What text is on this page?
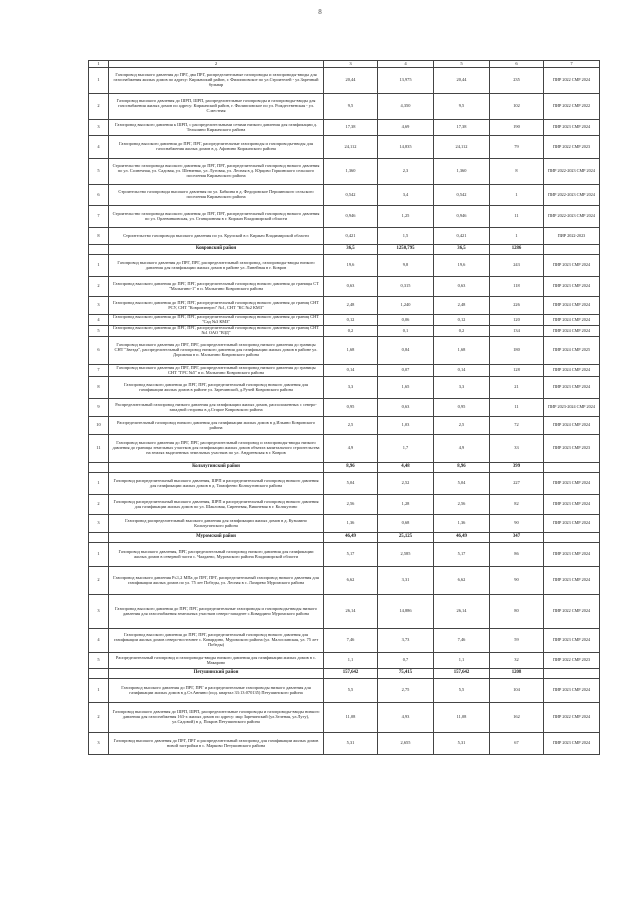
8
1	2	3	4	5	6	7
1	Газопровод высокого давления до ПРГ, два ПРГ, распределительные газопроводы и газопроводы-вводы для газоснабжения жилых домов по адресу: Киржачский район, г. Филипповское по ул.Строителей - ул.Заречный бульвар	20,44	13,975	20,44	235	ПИР 2022 СМР 2024
2	Газопровод высокого давления до ШРП, ШРП, распределительные газопроводы и газопроводы-вводы для газоснабжения жилых домов по адресу: Киржачский район, г. Филипповское по ул. Рождественская - ул. С.местная	9,5	4,350	9,5	102	ПИР 2022 СМР 2022
3	Газопровод высокого давления к ШРП, с распределительными сетями низкого давления для газификации д. Тельшино Киржачского района	17,38	4,69	17,38	190	ПИР 2023 СМР 2024
4	Газопровод высокого давления до ПРГ, ПРГ, распределительные газопроводы и газопроводы-вводы для газоснабжения жилых домов в д. Афонино Киржачского района	24,112	14,835	24,112	79	ПИР 2022 СМР 2023
5	Строительство газопровода высокого давления до ПРГ, ПРГ, распределительный газопровод низкого давления по ул. Солнечная, ул. Садовая, ул. Шевченко, ул. Луговая, ул. Лесная в д. Юрцово Горкинского сельского поселения Киржачского района	1,360	2,3	1,360	8	ПИР 2022-2023 СМР 2024
6	Строительство газопровода высокого давления по ул. Бабкина в д. Федоровское Першинского сельского поселения Киржачского района	0,542	3,4	0,542	1	ПИР 2022-2023 СМР 2024
7	Строительство газопровода высокого давления до ПРГ, ПРГ, распределительный газопровод низкого давления по ул. Орлевинковская, ул. Станционная в г. Киржач Владимирской области	0,946	1,25	0,946	11	ПИР 2022-2023 СМР 2024
8	Строительство газопровода высокого давления по ул. Крупской в г. Киржач Владимирской области	0,421	1,5	0,421	1	ПИР 2022-2023
	Ковровский район	36,5	1250,795	36,5	1286	
1	Газопровод высокого давления до ПРГ, ПРГ, распределительный газопровод, газопроводы-вводы низкого давления для газификации жилых домов в районе ул. Линейная в г. Ковров	19,6	9,8	19,6	243	ПИР 2023 СМР 2024
2	Газопровод высокого давления до ПРГ, ПРГ, распределительный газопровод низкого давления до границы СТ "Малыгино-1" в п. Малыгино Ковровского района	0,63	0,315	0,63	118	ПИР 2023 СМР 2024
3	Газопровод высокого давления до ПРГ, ПРГ, распределительный газопровод низкого давления до границ СНТ РСУ, СНТ "Ковровэнерго" №1, СНТ "КС №2 КМЗ"	2,48	1,240	2,48	226	ПИР 2024 СМР 2024
4	Газопровод высокого давления до ПРГ, ПРГ, распределительный газопровод низкого давления до границ СНТ "Сад №3 КМЗ"	0,12	0,06	0,12	120	ПИР 2024 СМР 2024
5	Газопровод высокого давления до ПРГ, ПРГ, распределительный газопровод низкого давления до границ СНТ №1 ОАО "ВЗД"	0,2	0,1	0,2	134	ПИР 2024 СМР 2024
6	Газопровод высокого давления до ПРГ, ПРГ, распределительный газопровод низкого давления до границы СНТ "Звезда", распределительный газопровод низкого давления для газификации жилых домов в районе ул. Дорожная в п. Малыгино Ковровского района	1,68	0,84	1,68	180	ПИР 2024 СМР 2025
7	Газопровод высокого давления до ПРГ, ПРГ, распределительный газопровод низкого давления до границы СНТ "ГРС №5" в п. Малыгино Ковровского района	0,14	0,07	0,14	128	ПИР 2024 СМР 2024
8	Газопровод высокого давления до ПРГ, ПРГ, распределительный газопровод низкого давления для газификации жилых домов в районе ул. Заречинской, д.Ручей Ковровского района	3,3	1,65	3,3	21	ПИР 2023 СМР 2024
9	Распределительный газопровод низкого давления для газификации жилых домов, расположенных с северо-западной стороны в д.Старое Ковровского района	0,95	0,63	0,95	11	ПИР 2023-2024 СМР 2024
10	Распределительный газопровод низкого давления для газификации жилых домов в д.Ильино Ковровского района	2,5	1,03	2,5	72	ПИР 2024 СМР 2024
11	Газопровод высокого давления до ПРГ, ПРГ, распределительный газопровод и газопроводы-вводы низкого давления до границы земельных участков для газификации жилых домов объекта капитального строительства на землях выделенных земельных участков по ул. Андреевская в г. Ковров	4,9	1,7	4,9	33	ПИР 2023 СМР 2023
	Кольчугинский район	8,96	4,48	8,96	399	
1	Газопровод распределительный высокого давления, ШРП и распределительный газопровод низкого давления для газификации жилых домов в д. Тимофеево Кольчугинского района	5,04	2,52	5,04	227	ПИР 2023 СМР 2024
2	Газопровод распределительный высокого давления, ШРП и распределительный газопровод низкого давления для газификации жилых домов по ул. Шакловая, Сиреневая, Вишневая в г. Кольчугино	2,56	1,28	2,56	82	ПИР 2023 СМР 2024
3	Газопровод распределительный высокого давления для газификации жилых домов в д. Кузьмино Кольчугинского района	1,36	0,68	1,36	90	ПИР 2023 СМР 2024
	Муромский район	46,49	25,125	46,49	347	
1	Газопровод высокого давления, ПРГ, распределительный газопровод низкого давления для газификации жилых домов в северной части с. Чаадаево, Муромского района Владимирской области	5,17	2,585	5,17	86	ПИР 2023 СМР 2024
2	Газопровод высокого давления Р≤1,2 МПа до ПРГ, ПРГ, распределительный газопровод низкого давления для газификации жилых домов по ул. 75 лет Победы, ул. Лесная в с. Лазарево Муромского района	6,62	3,31	6,62	90	ПИР 2023 СМР 2024
3	Газопровод высокого давления до ПРГ, ПРГ, распределительные газопроводы и газопроводы-вводы низкого давления для газоснабжения земельных участков северо-западнее с.Ковардино Муромского района	26,14	14,886	26,14	80	ПИР 2022 СМР 2024
4	Газопровод высокого давления до ПРГ, ПРГ, распределительный газопровод низкого давления для газификации жилых домов северо-восточнее с. Ковардино, Муромского района (ул. Малославская, ул. 75 лет Победы)	7,46	3,73	7,46	59	ПИР 2023 СМР 2024
5	Распределительный газопровод и газопроводы-вводы низкого давления для газификации жилых домов в с. Макарово	1,1	0,7	1,1	32	ПИР 2022 СМР 2023
	Петушинский район	157,642	75,415	157,642	1208	
1	Газопровод высокого давления до ПРГ, ПРГ и распределительные газопроводы низкого давления для газификации жилых домов в д.Ст.Аннино (под. квартал 33:13:070135) Петушинского района	5,5	2,75	5,5	104	ПИР 2023 СМР 2024
2	Газопровод высокого давления до ШРП, ШРП, распределительные газопроводы и газопроводы-вводы низкого давления для газоснабжения 163-х жилых домов по адресу: мкр Заречинский (ул.Зеленая, ул.Лугу), ул.Садовой) в д. Покров Петушинского района	11,08	4,93	11,08	162	ПИР 2022 СМР 2024
3	Газопровод высокого давления до ПРГ, ПРГ и распределительный газопровод для газификации жилых домов новой застройки в с. Марково Петушинского района	5,31	2,655	5,31	67	ПИР 2023 СМР 2024
